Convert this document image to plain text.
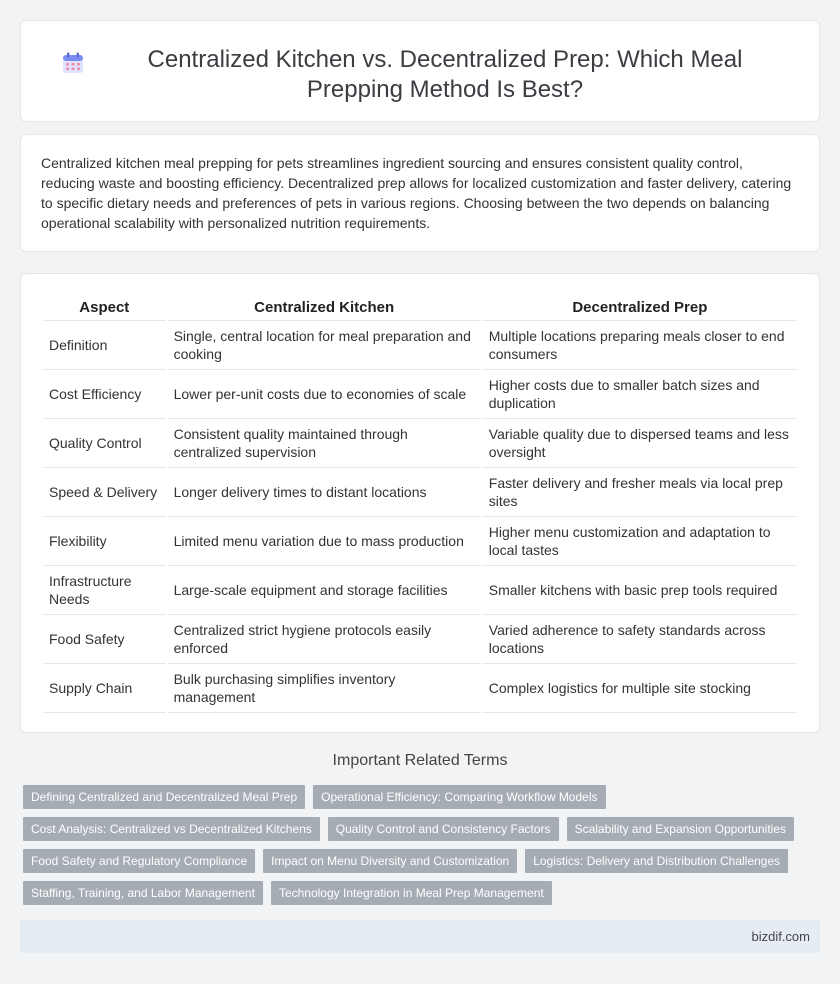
Centralized Kitchen vs. Decentralized Prep: Which Meal Prepping Method Is Best?

Centralized kitchen meal prepping for pets streamlines ingredient sourcing and ensures consistent quality control, reducing waste and boosting efficiency. Decentralized prep allows for localized customization and faster delivery, catering to specific dietary needs and preferences of pets in various regions. Choosing between the two depends on balancing operational scalability with personalized nutrition requirements.

Aspect	Centralized Kitchen	Decentralized Prep
Definition	Single, central location for meal preparation and cooking	Multiple locations preparing meals closer to end consumers
Cost Efficiency	Lower per-unit costs due to economies of scale	Higher costs due to smaller batch sizes and duplication
Quality Control	Consistent quality maintained through centralized supervision	Variable quality due to dispersed teams and less oversight
Speed & Delivery	Longer delivery times to distant locations	Faster delivery and fresher meals via local prep sites
Flexibility	Limited menu variation due to mass production	Higher menu customization and adaptation to local tastes
Infrastructure Needs	Large-scale equipment and storage facilities	Smaller kitchens with basic prep tools required
Food Safety	Centralized strict hygiene protocols easily enforced	Varied adherence to safety standards across locations
Supply Chain	Bulk purchasing simplifies inventory management	Complex logistics for multiple site stocking
Important Related Terms
Defining Centralized and Decentralized Meal Prep	Operational Efficiency: Comparing Workflow Models
Cost Analysis: Centralized vs Decentralized Kitchens	Quality Control and Consistency Factors	Scalability and Expansion Opportunities
Food Safety and Regulatory Compliance	Impact on Menu Diversity and Customization	Logistics: Delivery and Distribution Challenges
Staffing, Training, and Labor Management	Technology Integration in Meal Prep Management
bizdif.com
